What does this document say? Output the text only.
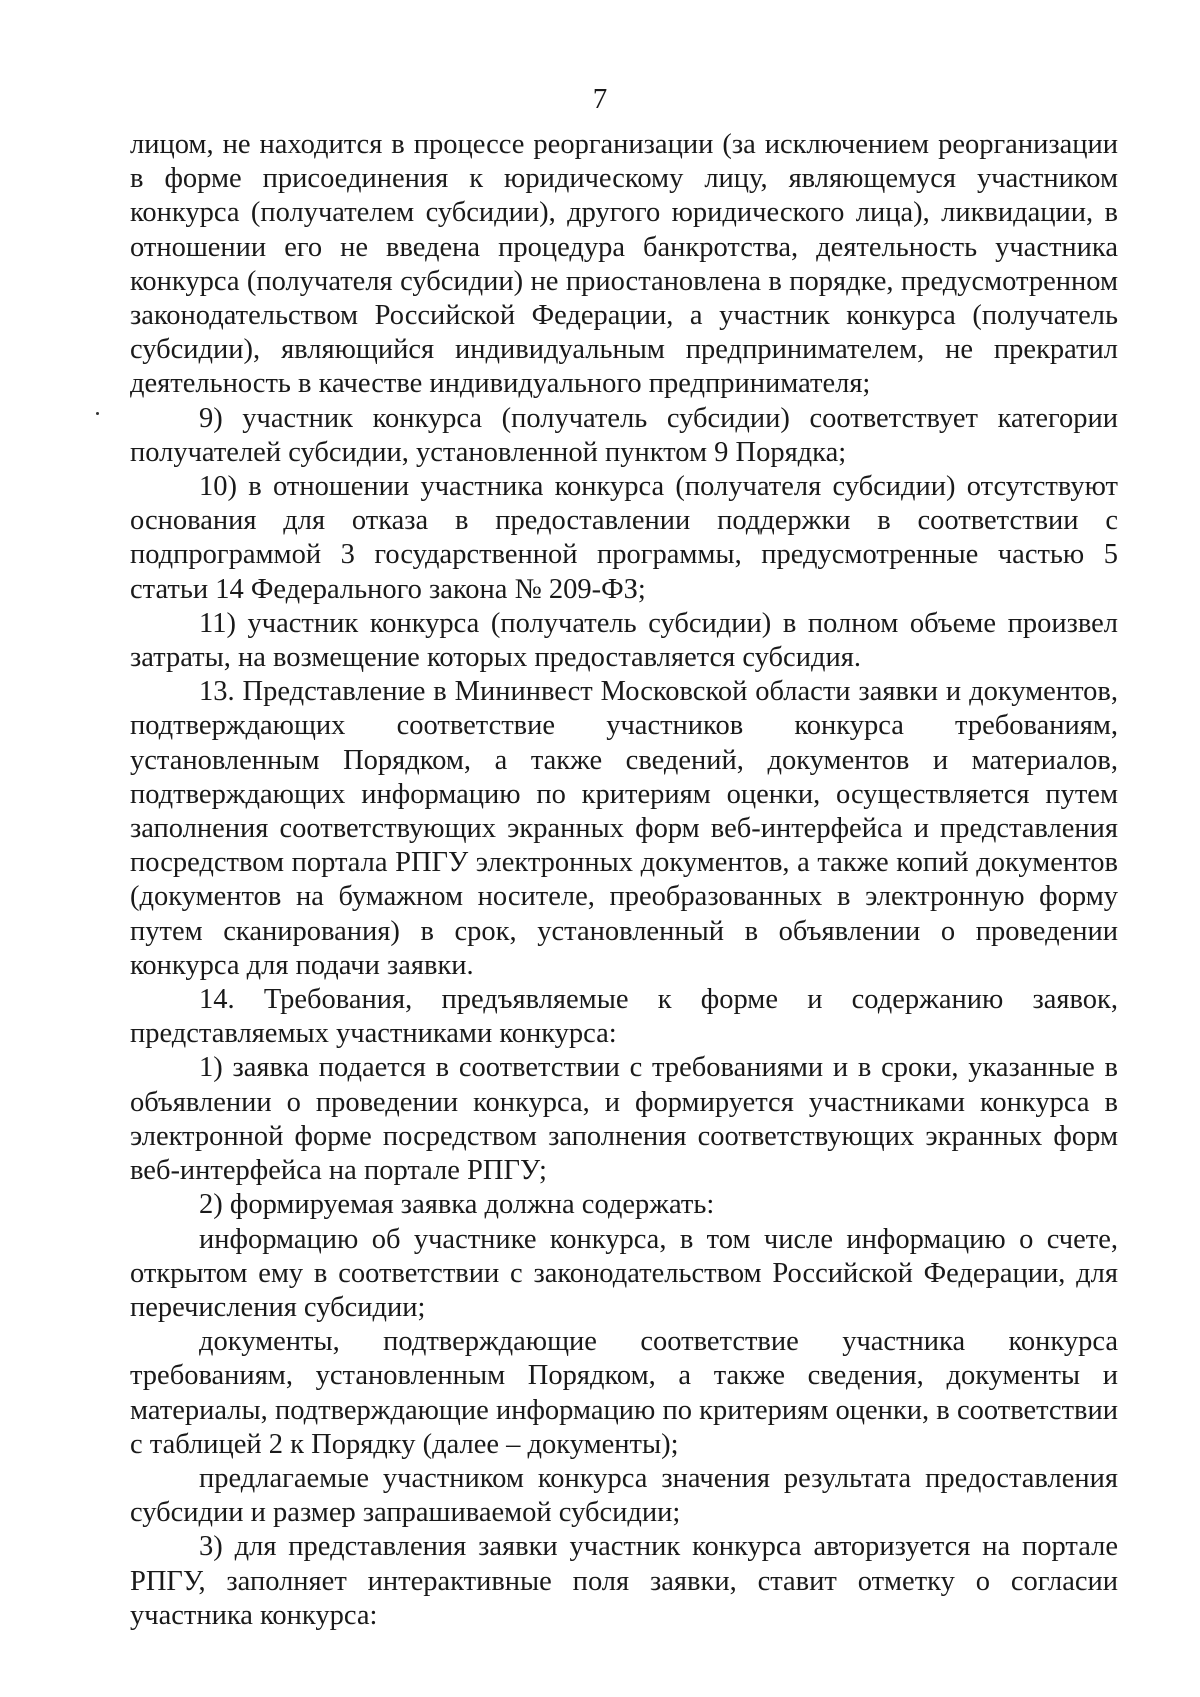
7

лицом, не находится в процессе реорганизации (за исключением реорганизации в форме присоединения к юридическому лицу, являющемуся участником конкурса (получателем субсидии), другого юридического лица), ликвидации, в отношении его не введена процедура банкротства, деятельность участника конкурса (получателя субсидии) не приостановлена в порядке, предусмотренном законодательством Российской Федерации, а участник конкурса (получатель субсидии), являющийся индивидуальным предпринимателем, не прекратил деятельность в качестве индивидуального предпринимателя;

9) участник конкурса (получатель субсидии) соответствует категории получателей субсидии, установленной пунктом 9 Порядка;

10) в отношении участника конкурса (получателя субсидии) отсутствуют основания для отказа в предоставлении поддержки в соответствии с подпрограммой 3 государственной программы, предусмотренные частью 5 статьи 14 Федерального закона № 209-ФЗ;

11) участник конкурса (получатель субсидии) в полном объеме произвел затраты, на возмещение которых предоставляется субсидия.

13. Представление в Мининвест Московской области заявки и документов, подтверждающих соответствие участников конкурса требованиям, установленным Порядком, а также сведений, документов и материалов, подтверждающих информацию по критериям оценки, осуществляется путем заполнения соответствующих экранных форм веб-интерфейса и представления посредством портала РПГУ электронных документов, а также копий документов (документов на бумажном носителе, преобразованных в электронную форму путем сканирования) в срок, установленный в объявлении о проведении конкурса для подачи заявки.

14. Требования, предъявляемые к форме и содержанию заявок, представляемых участниками конкурса:

1) заявка подается в соответствии с требованиями и в сроки, указанные в объявлении о проведении конкурса, и формируется участниками конкурса в электронной форме посредством заполнения соответствующих экранных форм веб-интерфейса на портале РПГУ;

2) формируемая заявка должна содержать:

информацию об участнике конкурса, в том числе информацию о счете, открытом ему в соответствии с законодательством Российской Федерации, для перечисления субсидии;

документы, подтверждающие соответствие участника конкурса требованиям, установленным Порядком, а также сведения, документы и материалы, подтверждающие информацию по критериям оценки, в соответствии с таблицей 2 к Порядку (далее – документы);

предлагаемые участником конкурса значения результата предоставления субсидии и размер запрашиваемой субсидии;

3) для представления заявки участник конкурса авторизуется на портале РПГУ, заполняет интерактивные поля заявки, ставит отметку о согласии участника конкурса:
